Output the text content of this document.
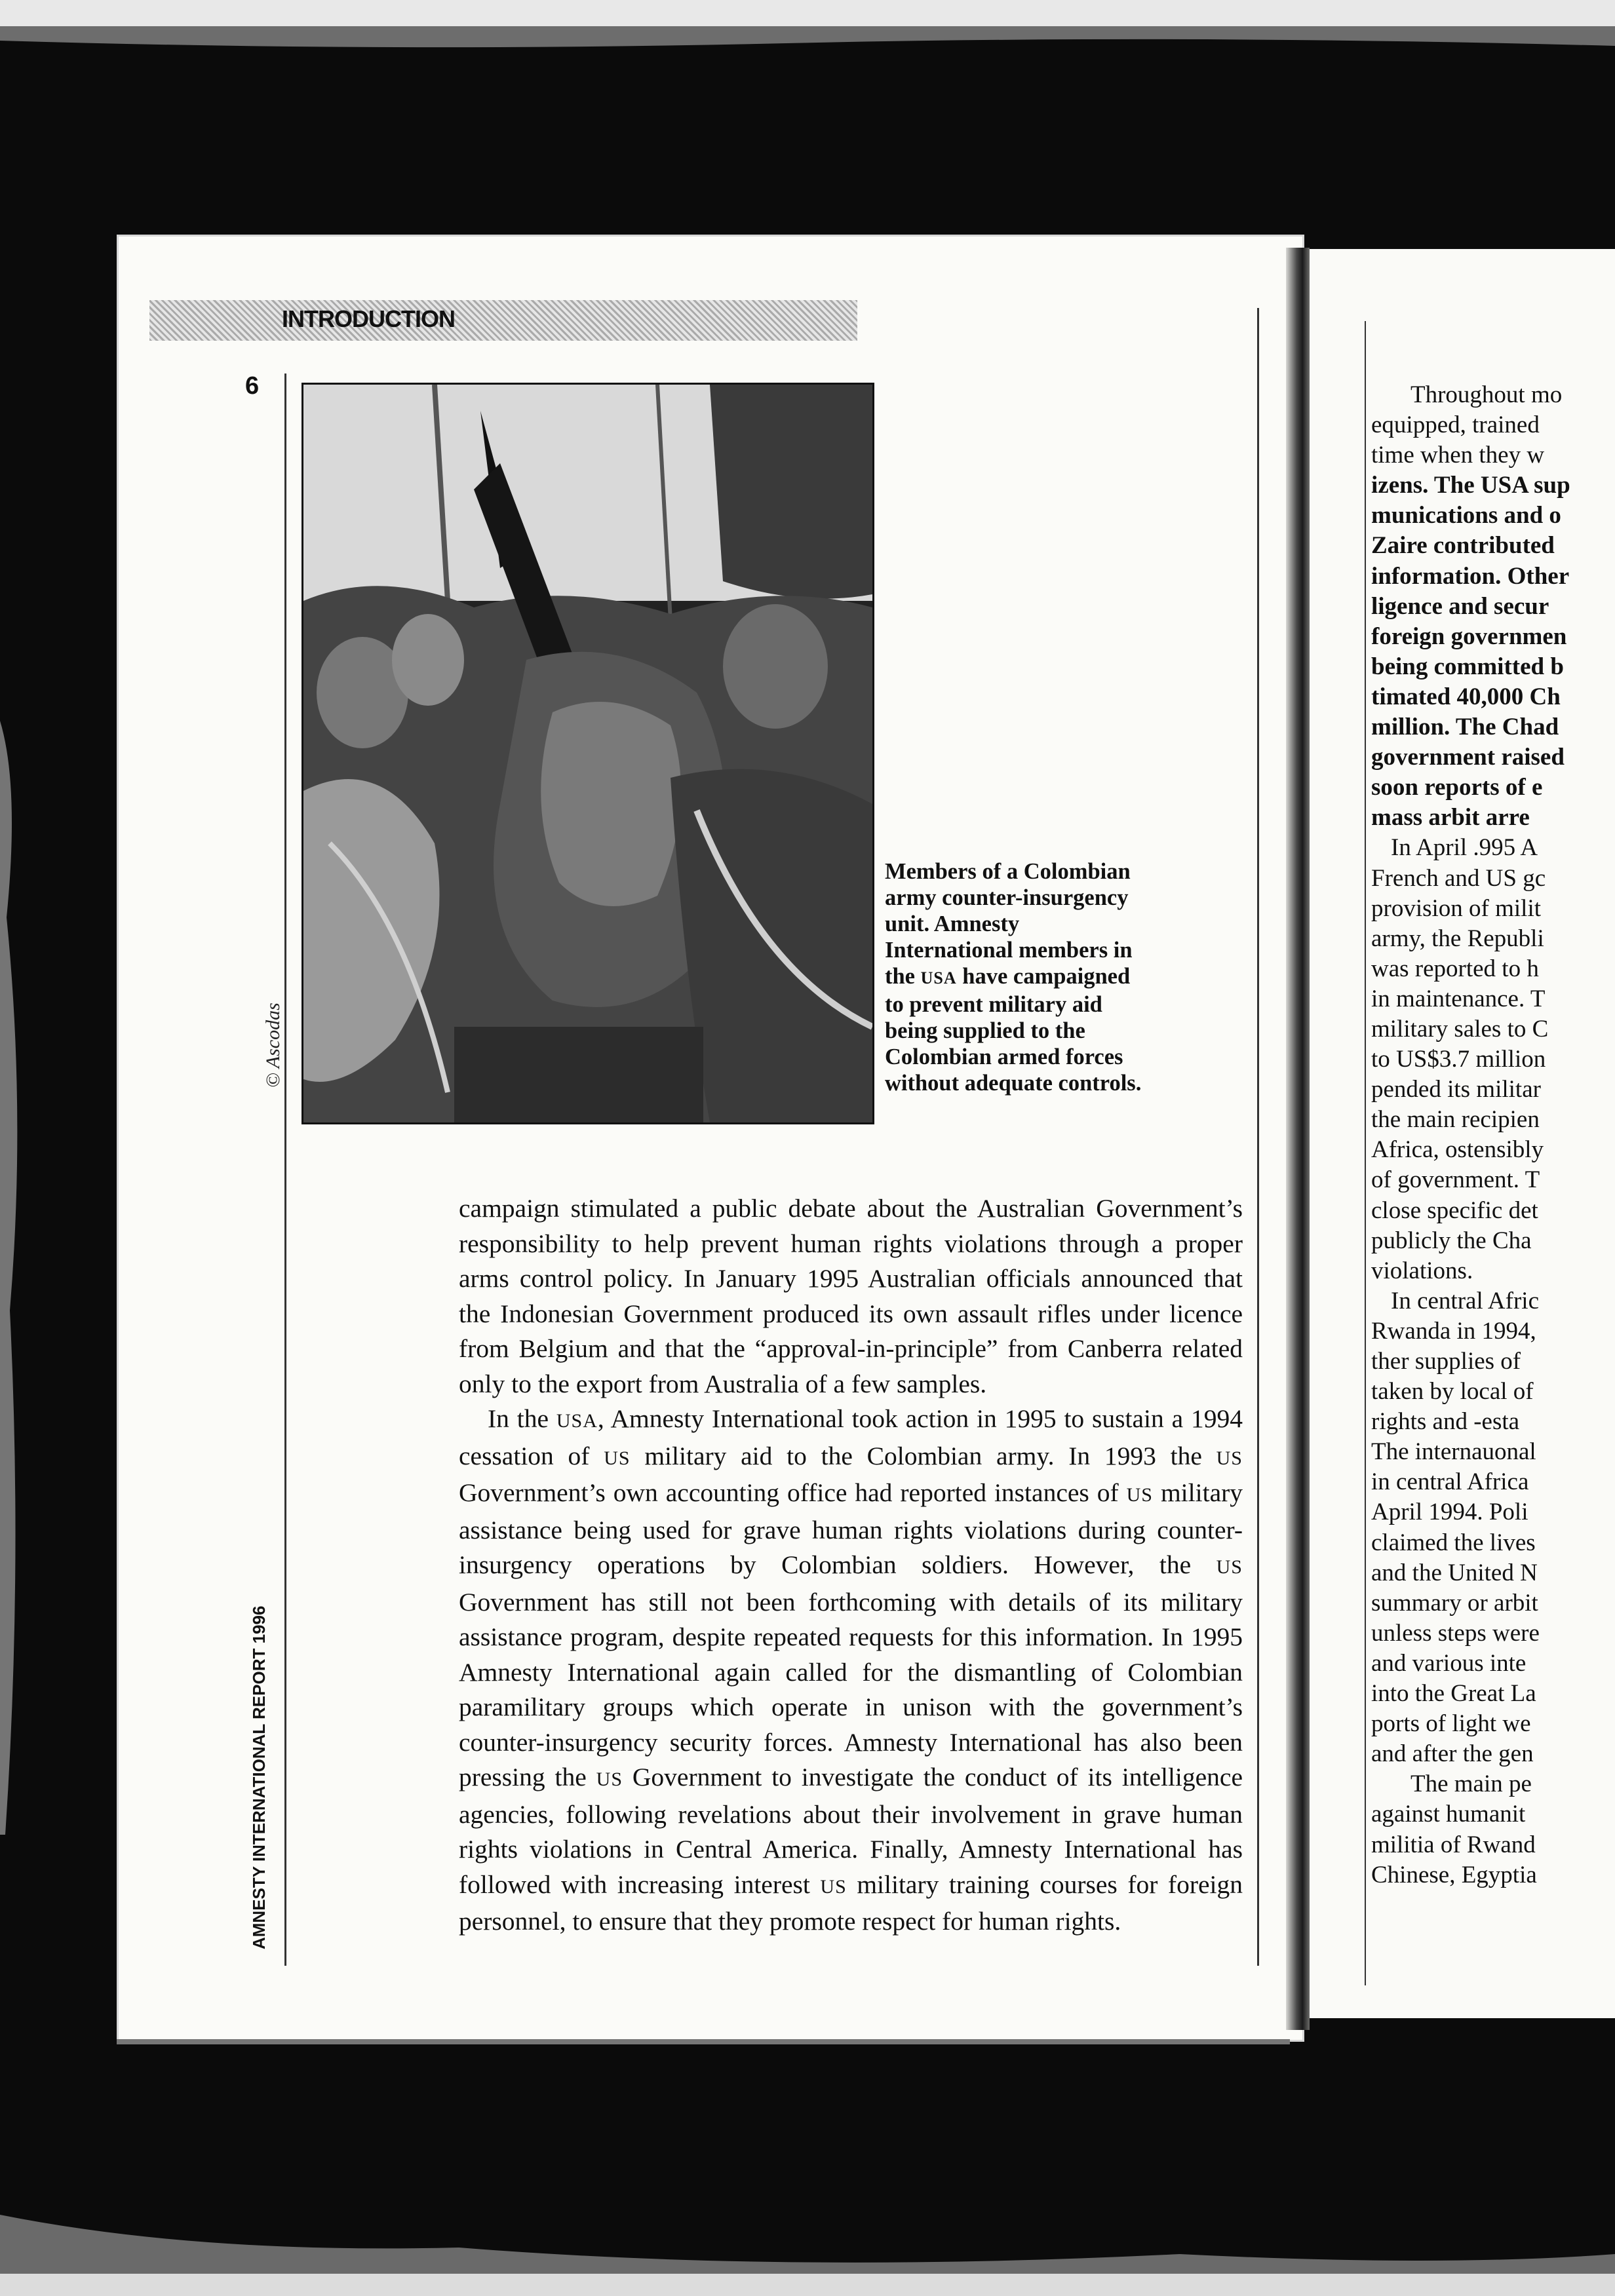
INTRODUCTION
6
Members of a Colombian
army counter-insurgency
unit. Amnesty
International members in
the USA have campaigned
to prevent military aid
being supplied to the
Colombian armed forces
without adequate controls.
© Ascodas
AMNESTY INTERNATIONAL REPORT 1996

campaign stimulated a public debate about the Australian Government’s responsibility to help prevent human rights violations through a proper arms control policy. In January 1995 Australian officials announced that the Indonesian Government produced its own assault rifles under licence from Belgium and that the “approval-in-principle” from Canberra related only to the export from Australia of a few samples.

In the USA, Amnesty International took action in 1995 to sustain a 1994 cessation of US military aid to the Colombian army. In 1993 the US Government’s own accounting office had reported instances of US military assistance being used for grave human rights violations during counter-insurgency operations by Colombian soldiers. However, the US Government has still not been forthcoming with details of its military assistance program, despite repeated requests for this information. In 1995 Amnesty International again called for the dismantling of Colombian paramilitary groups which operate in unison with the government’s counter-insurgency security forces. Amnesty International has also been pressing the US Government to investigate the conduct of its intelligence agencies, following revelations about their involvement in grave human rights violations in Central America. Finally, Amnesty International has followed with increasing interest US military training courses for foreign personnel, to ensure that they promote respect for human rights.

Throughout mo
equipped, trained
time when they w
izens. The USA sup
munications and o
Zaire contributed
information. Other
ligence and secur
foreign governmen
being committed b
timated 40,000 Ch
million. The Chad
government raised
soon reports of e
mass arbit arre
In April .995 A
French and US gc
provision of milit
army, the Republi
was reported to h
in maintenance. T
military sales to C
to US$3.7 million
pended its militar
the main recipien
Africa, ostensibly
of government. T
close specific det
publicly the Cha
violations.
In central Afric
Rwanda in 1994,
ther supplies of
taken by local of
rights and -esta
The internauonal
in central Africa
April 1994. Poli
claimed the lives
and the United N
summary or arbit
unless steps were
and various inte
into the Great La
ports of light we
and after the gen
The main pe
against humanit
militia of Rwand
Chinese, Egyptia
